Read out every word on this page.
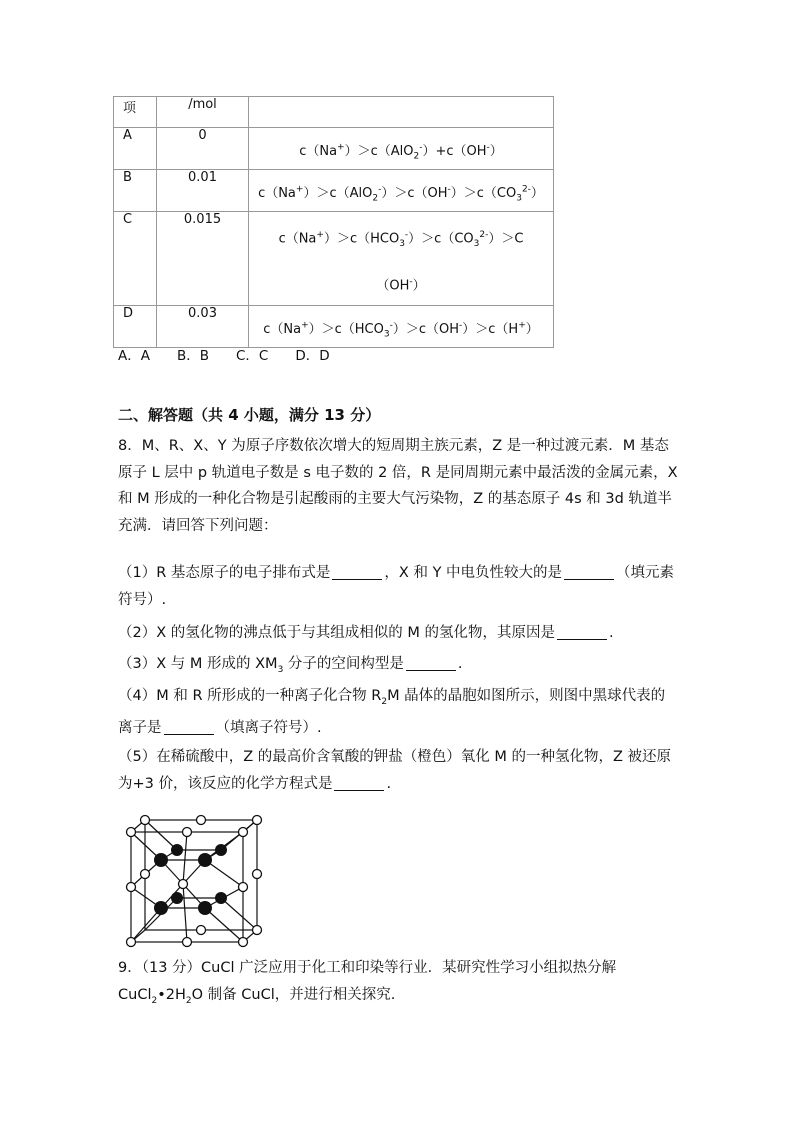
项	/mol	
A	0	c（Na+）＞c（AlO$_2$-）+c（OH-）

B	0.01	$c(Na^+)>c(AlO_2^-)>c(OH^-)>c(CO_3^{2-})$

C	0.015	$c(Na^+)>c(HCO_3^-)>c(CO_3^{2-})>C$
（OH-）

D	0.03	$c(Na^+)>c(HCO_3^-)>c(OH^-)>c(H^+)$
A．A　　B．B　　C．C　　D．D
二、解答题（共 4 小题，满分 13 分）
8．M、R、X、Y 为原子序数依次增大的短周期主族元素，Z 是一种过渡元素．M 基态原子 L 层中 p 轨道电子数是 s 电子数的 2 倍，R 是同周期元素中最活泼的金属元素，X 和 M 形成的一种化合物是引起酸雨的主要大气污染物，Z 的基态原子 4s 和 3d 轨道半充满．请回答下列问题：
（1）R 基态原子的电子排布式是	，X 和 Y 中电负性较大的是	（填元素符号）.
（2）X 的氢化物的沸点低于与其组成相似的 M 的氢化物，其原因是	.
（3）X 与 M 形成的 $XM_3$ 分子的空间构型是	.
（4）M 和 R 所形成的一种离子化合物 $R_2M$ 晶体的晶胞如图所示，则图中黑球代表的离子是	（填离子符号）.
（5）在稀硫酸中，Z 的最高价含氧酸的钾盐（橙色）氧化 M 的一种氢化物，Z 被还原为+3 价，该反应的化学方程式是	.
9．（13 分）CuCl 广泛应用于化工和印染等行业．某研究性学习小组拟热分解 $CuCl_2•2H_2O$ 制备 CuCl，并进行相关探究.
